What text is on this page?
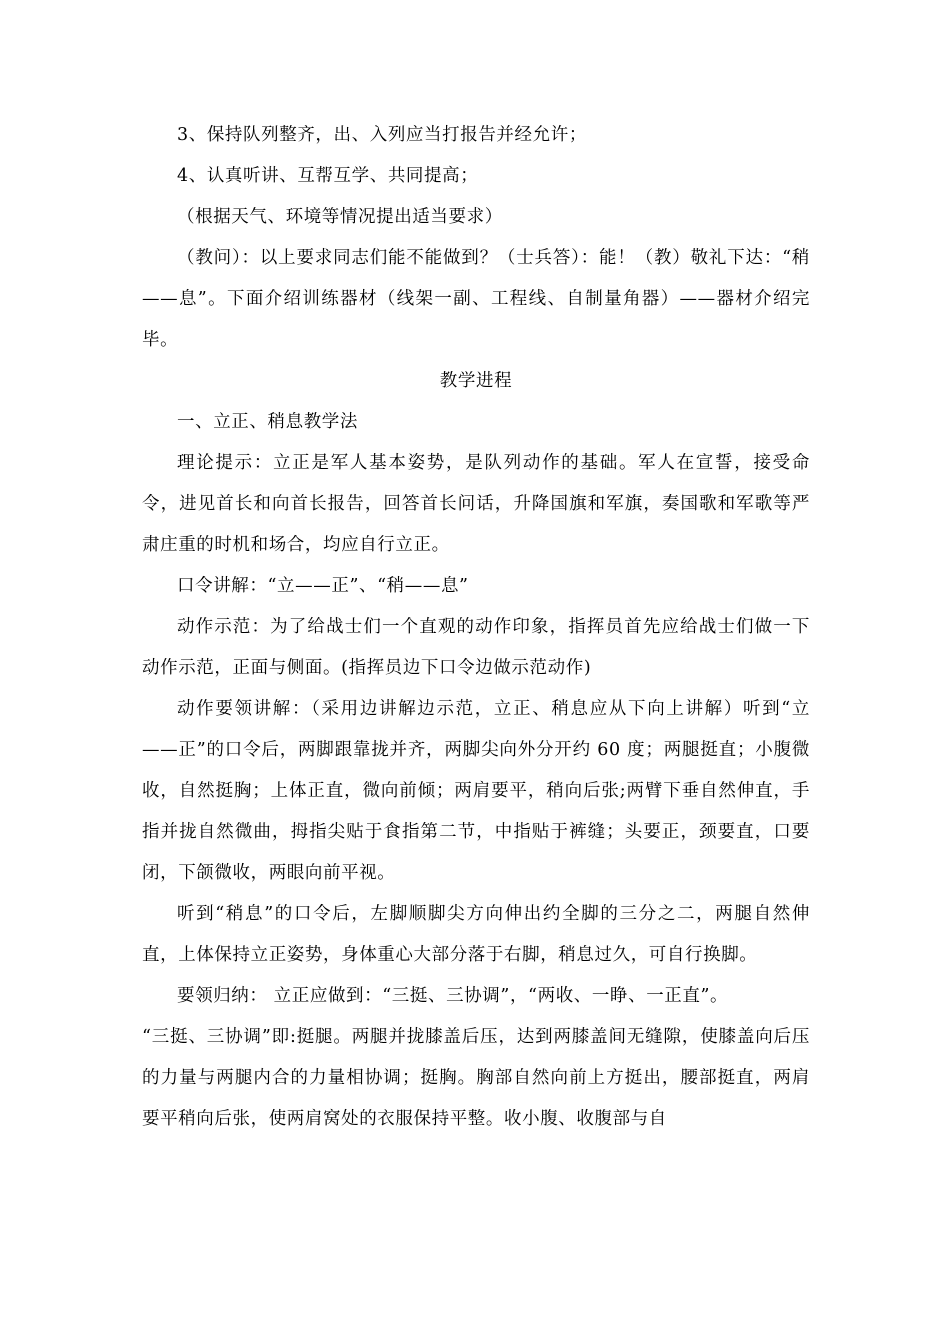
3、保持队列整齐，出、入列应当打报告并经允许；

4、认真听讲、互帮互学、共同提高；

（根据天气、环境等情况提出适当要求）

（教问）：以上要求同志们能不能做到？（士兵答）：能！（教）敬礼下达：“稍——息”。下面介绍训练器材（线架一副、工程线、自制量角器）——器材介绍完毕。

教学进程

一、立正、稍息教学法

理论提示：立正是军人基本姿势，是队列动作的基础。军人在宣誓，接受命令，进见首长和向首长报告，回答首长问话，升降国旗和军旗，奏国歌和军歌等严肃庄重的时机和场合，均应自行立正。

口令讲解：“立——正”、“稍——息”

动作示范：为了给战士们一个直观的动作印象，指挥员首先应给战士们做一下动作示范，正面与侧面。(指挥员边下口令边做示范动作)

动作要领讲解：（采用边讲解边示范，立正、稍息应从下向上讲解）听到“立——正”的口令后，两脚跟靠拢并齐，两脚尖向外分开约 60 度；两腿挺直；小腹微收，自然挺胸；上体正直，微向前倾；两肩要平，稍向后张;两臂下垂自然伸直，手指并拢自然微曲，拇指尖贴于食指第二节，中指贴于裤缝；头要正，颈要直，口要闭，下颌微收，两眼向前平视。

听到“稍息”的口令后，左脚顺脚尖方向伸出约全脚的三分之二，两腿自然伸直，上体保持立正姿势，身体重心大部分落于右脚，稍息过久，可自行换脚。

要领归纳： 立正应做到：“三挺、三协调”，“两收、一睁、一正直”。

“三挺、三协调”即:挺腿。两腿并拢膝盖后压，达到两膝盖间无缝隙，使膝盖向后压的力量与两腿内合的力量相协调；挺胸。胸部自然向前上方挺出，腰部挺直，两肩要平稍向后张，使两肩窝处的衣服保持平整。收小腹、收腹部与自
